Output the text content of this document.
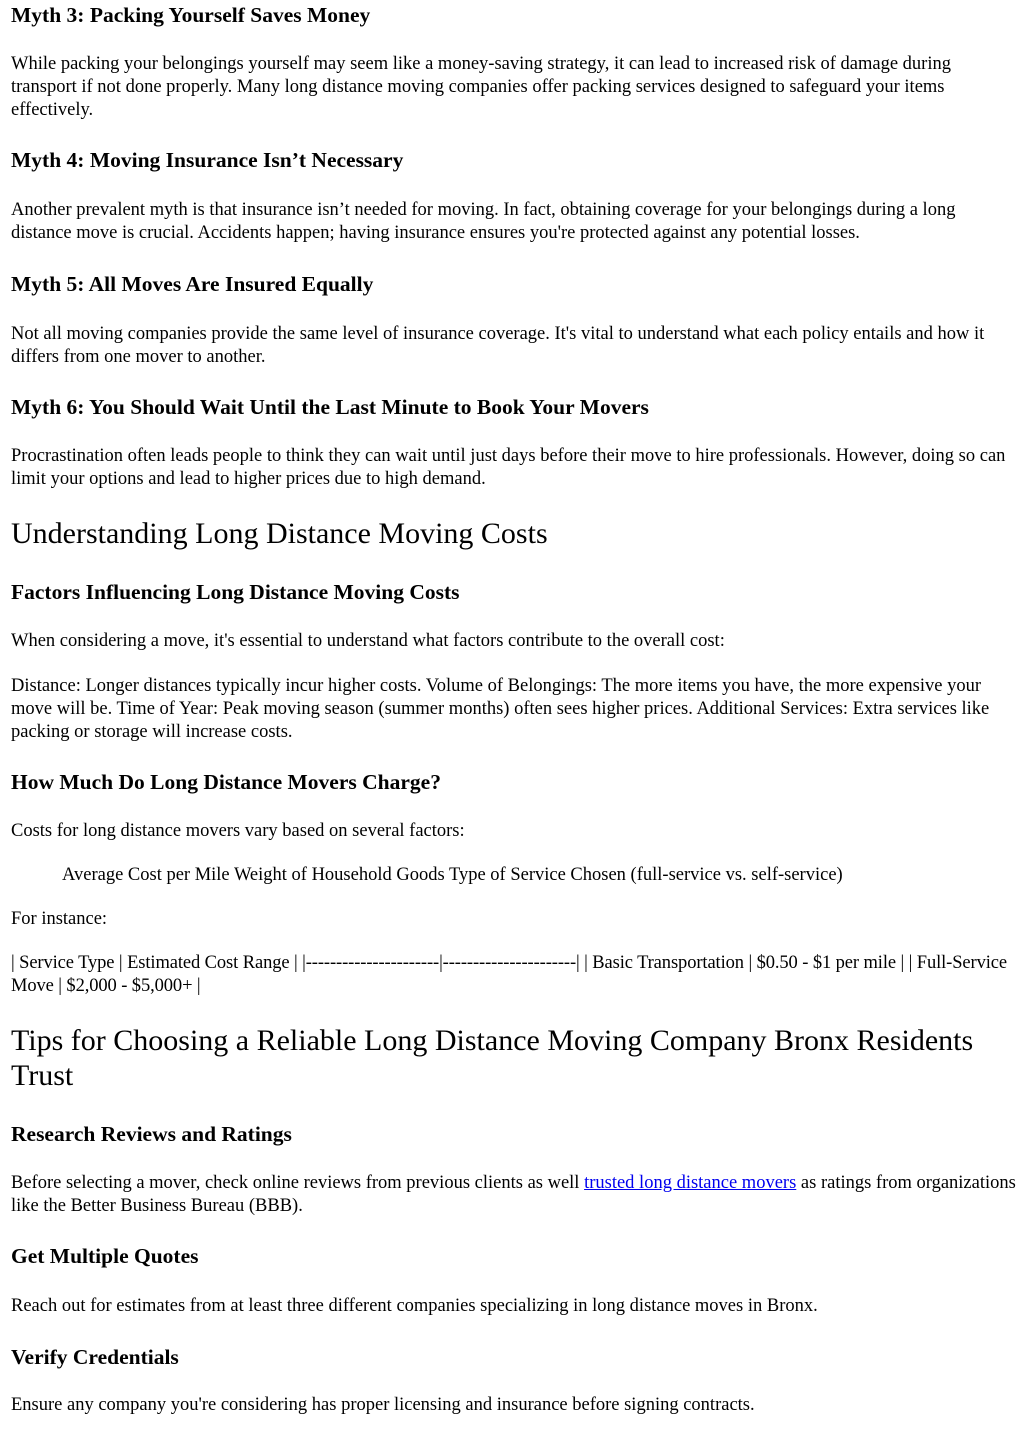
Myth 3: Packing Yourself Saves Money

While packing your belongings yourself may seem like a money-saving strategy, it can lead to increased risk of damage during transport if not done properly. Many long distance moving companies offer packing services designed to safeguard your items effectively.

Myth 4: Moving Insurance Isn’t Necessary

Another prevalent myth is that insurance isn’t needed for moving. In fact, obtaining coverage for your belongings during a long distance move is crucial. Accidents happen; having insurance ensures you're protected against any potential losses.

Myth 5: All Moves Are Insured Equally

Not all moving companies provide the same level of insurance coverage. It's vital to understand what each policy entails and how it differs from one mover to another.

Myth 6: You Should Wait Until the Last Minute to Book Your Movers

Procrastination often leads people to think they can wait until just days before their move to hire professionals. However, doing so can limit your options and lead to higher prices due to high demand.

Understanding Long Distance Moving Costs
Factors Influencing Long Distance Moving Costs

When considering a move, it's essential to understand what factors contribute to the overall cost:

Distance: Longer distances typically incur higher costs. Volume of Belongings: The more items you have, the more expensive your move will be. Time of Year: Peak moving season (summer months) often sees higher prices. Additional Services: Extra services like packing or storage will increase costs.

How Much Do Long Distance Movers Charge?

Costs for long distance movers vary based on several factors:

Average Cost per Mile Weight of Household Goods Type of Service Chosen (full-service vs. self-service)

For instance:

| Service Type | Estimated Cost Range | |----------------------|----------------------| | Basic Transportation | $0.50 - $1 per mile | | Full-Service Move | $2,000 - $5,000+ |

Tips for Choosing a Reliable Long Distance Moving Company Bronx Residents Trust
Research Reviews and Ratings

Before selecting a mover, check online reviews from previous clients as well trusted long distance movers as ratings from organizations like the Better Business Bureau (BBB).

Get Multiple Quotes

Reach out for estimates from at least three different companies specializing in long distance moves in Bronx.

Verify Credentials

Ensure any company you're considering has proper licensing and insurance before signing contracts.
